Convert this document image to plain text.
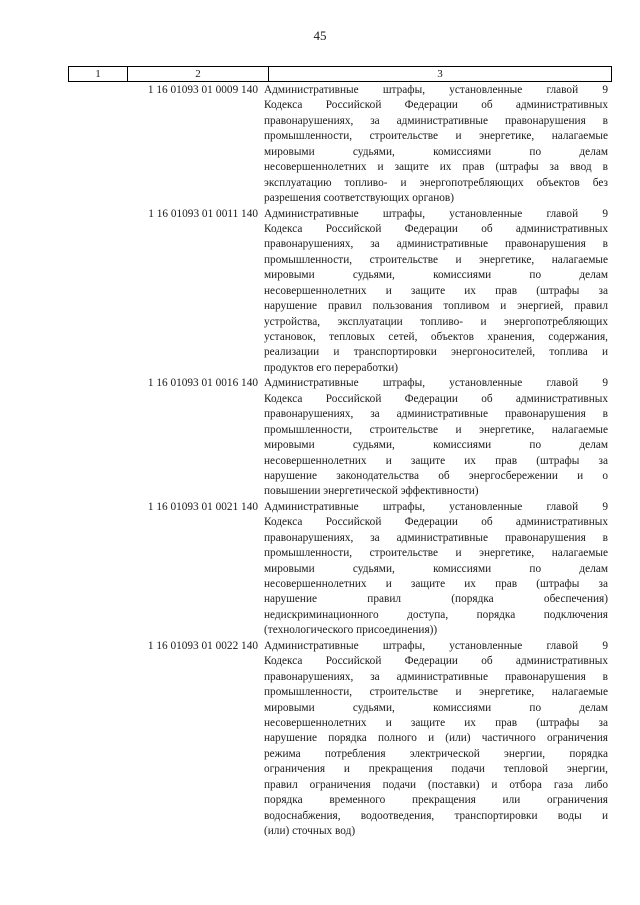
45
1	2	3
1 16 01093 01 0009 140 Административные штрафы, установленные главой 9
Кодекса Российской Федерации об административных
правонарушениях, за административные правонарушения в
промышленности, строительстве и энергетике, налагаемые
мировыми судьями, комиссиями по делам
несовершеннолетних и защите их прав (штрафы за ввод в
эксплуатацию топливо- и энергопотребляющих объектов без
разрешения соответствующих органов)
1 16 01093 01 0011 140 Административные штрафы, установленные главой 9
Кодекса Российской Федерации об административных
правонарушениях, за административные правонарушения в
промышленности, строительстве и энергетике, налагаемые
мировыми судьями, комиссиями по делам
несовершеннолетних и защите их прав (штрафы за
нарушение правил пользования топливом и энергией, правил
устройства, эксплуатации топливо- и энергопотребляющих
установок, тепловых сетей, объектов хранения, содержания,
реализации и транспортировки энергоносителей, топлива и
продуктов его переработки)
1 16 01093 01 0016 140 Административные штрафы, установленные главой 9
Кодекса Российской Федерации об административных
правонарушениях, за административные правонарушения в
промышленности, строительстве и энергетике, налагаемые
мировыми судьями, комиссиями по делам
несовершеннолетних и защите их прав (штрафы за
нарушение законодательства об энергосбережении и о
повышении энергетической эффективности)
1 16 01093 01 0021 140 Административные штрафы, установленные главой 9
Кодекса Российской Федерации об административных
правонарушениях, за административные правонарушения в
промышленности, строительстве и энергетике, налагаемые
мировыми судьями, комиссиями по делам
несовершеннолетних и защите их прав (штрафы за
нарушение правил (порядка обеспечения)
недискриминационного доступа, порядка подключения
(технологического присоединения))
1 16 01093 01 0022 140 Административные штрафы, установленные главой 9
Кодекса Российской Федерации об административных
правонарушениях, за административные правонарушения в
промышленности, строительстве и энергетике, налагаемые
мировыми судьями, комиссиями по делам
несовершеннолетних и защите их прав (штрафы за
нарушение порядка полного и (или) частичного ограничения
режима потребления электрической энергии, порядка
ограничения и прекращения подачи тепловой энергии,
правил ограничения подачи (поставки) и отбора газа либо
порядка временного прекращения или ограничения
водоснабжения, водоотведения, транспортировки воды и
(или) сточных вод)
